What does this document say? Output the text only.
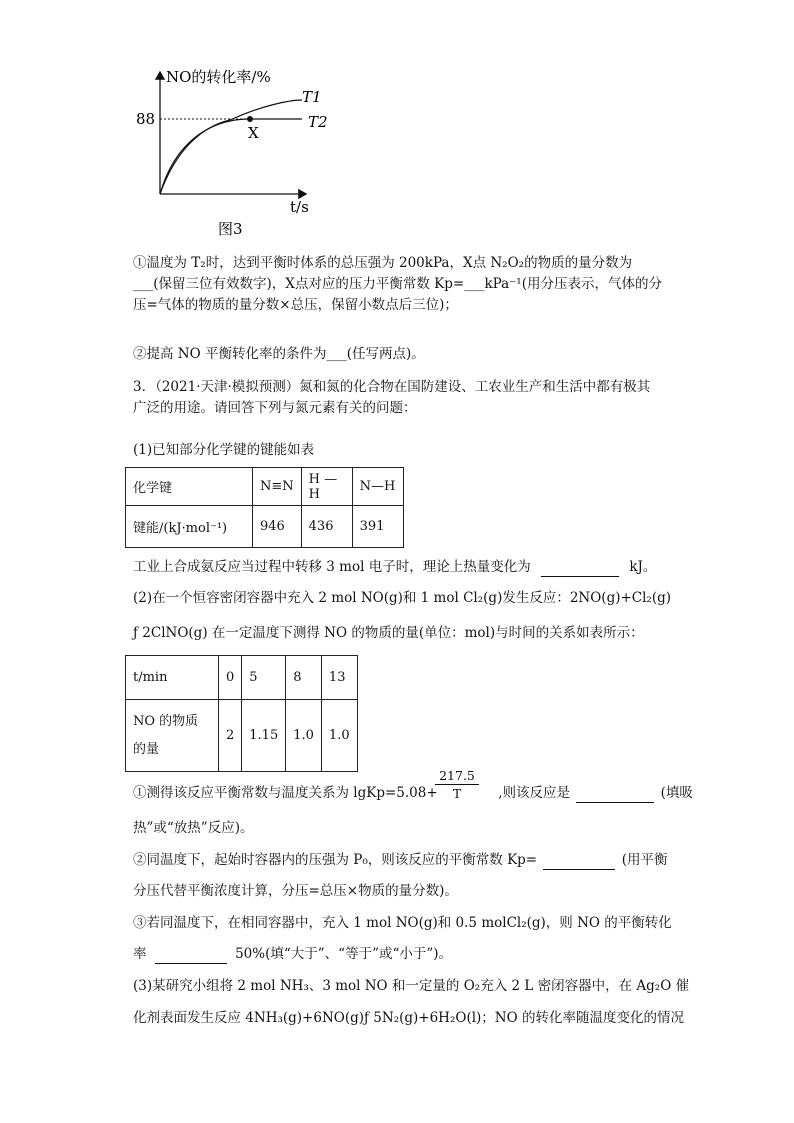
NO的转化率/%
88
X
T1
T2
t/s
图3
①温度为 T₂时，达到平衡时体系的总压强为 200kPa，X点 N₂O₂的物质的量分数为___(保留三位有效数字)，X点对应的压力平衡常数 Kp=___kPa⁻¹(用分压表示，气体的分压=气体的物质的量分数×总压，保留小数点后三位)；
②提高 NO 平衡转化率的条件为___(任写两点)。
3．（2021·天津·模拟预测）氮和氮的化合物在国防建设、工农业生产和生活中都有极其广泛的用途。请回答下列与氮元素有关的问题：
(1)已知部分化学键的键能如表
化学键	N≡N	H —H	N—H
键能/(kJ·mol⁻¹)	946	436	391
工业上合成氨反应当过程中转移 3 mol 电子时，理论上热量变化为	kJ。
(2)在一个恒容密闭容器中充入 2 mol NO(g)和 1 mol Cl₂(g)发生反应：2NO(g)+Cl₂(g)
ƒ 2ClNO(g) 在一定温度下测得 NO 的物质的量(单位：mol)与时间的关系如表所示：
t/min	0	5	8	13
NO 的物质的量	2	1.15	1.0	1.0
①测得该反应平衡常数与温度关系为 lgKp=5.08+	,则该反应是	(填吸
217.5
T
热”或“放热”反应)。
②同温度下，起始时容器内的压强为 P₀，则该反应的平衡常数 Kp=	(用平衡
分压代替平衡浓度计算，分压=总压×物质的量分数)。
③若同温度下，在相同容器中，充入 1 mol NO(g)和 0.5 molCl₂(g)，则 NO 的平衡转化
率	50%(填“大于”、“等于”或“小于”)。
(3)某研究小组将 2 mol NH₃、3 mol NO 和一定量的 O₂充入 2 L 密闭容器中，在 Ag₂O 催
化剂表面发生反应 4NH₃(g)+6NO(g)ƒ 5N₂(g)+6H₂O(l)；NO 的转化率随温度变化的情况
